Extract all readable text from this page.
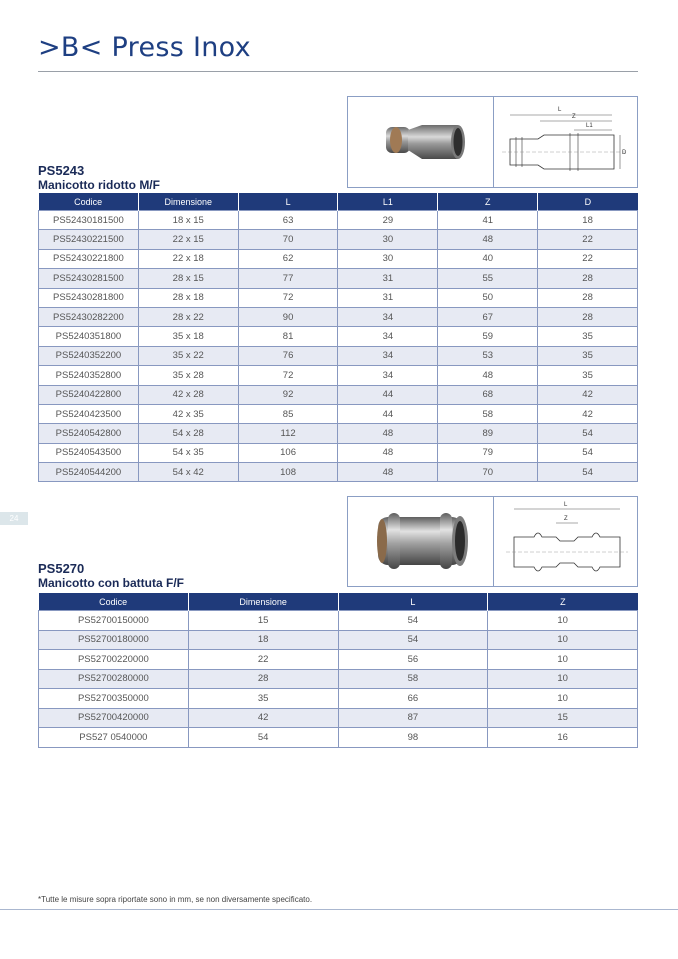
>B< Press Inox
L
Z
L1
D
PS5243
Manicotto ridotto M/F
Codice	Dimensione	L	L1	Z	D
PS52430181500	18 x 15	63	29	41	18
PS52430221500	22 x 15	70	30	48	22
PS52430221800	22 x 18	62	30	40	22
PS52430281500	28 x 15	77	31	55	28
PS52430281800	28 x 18	72	31	50	28
PS52430282200	28 x 22	90	34	67	28
PS5240351800	35 x 18	81	34	59	35
PS5240352200	35 x 22	76	34	53	35
PS5240352800	35 x 28	72	34	48	35
PS5240422800	42 x 28	92	44	68	42
PS5240423500	42 x 35	85	44	58	42
PS5240542800	54 x 28	112	48	89	54
PS5240543500	54 x 35	106	48	79	54
PS5240544200	54 x 42	108	48	70	54
24
L
Z
PS5270
Manicotto con battuta F/F
Codice	Dimensione	L	Z
PS52700150000	15	54	10
PS52700180000	18	54	10
PS52700220000	22	56	10
PS52700280000	28	58	10
PS52700350000	35	66	10
PS52700420000	42	87	15
PS527 0540000	54	98	16
*Tutte le misure sopra riportate sono in mm, se non diversamente specificato.
